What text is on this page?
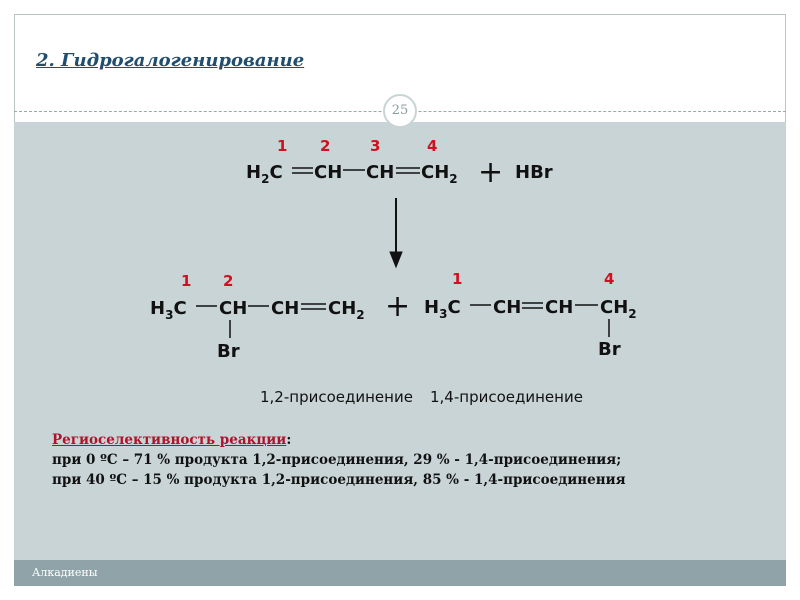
2. Гидрогалогенирование
25
1 2	3	4
$H_2C$ CH CH $CH_2$ + HBr
1 2
$H_3C$ CH CH $CH_2$
Br
1,2-присоединение
+
1	4
$H_3C$ CH CH $CH_2$
Br
1,4-присоединение
Региоселективность реакции:
при 0 ºС – 71 % продукта 1,2-присоединения, 29 % - 1,4-присоединения;
при 40 ºС – 15 % продукта 1,2-присоединения, 85 % - 1,4-присоединения
Алкадиены
